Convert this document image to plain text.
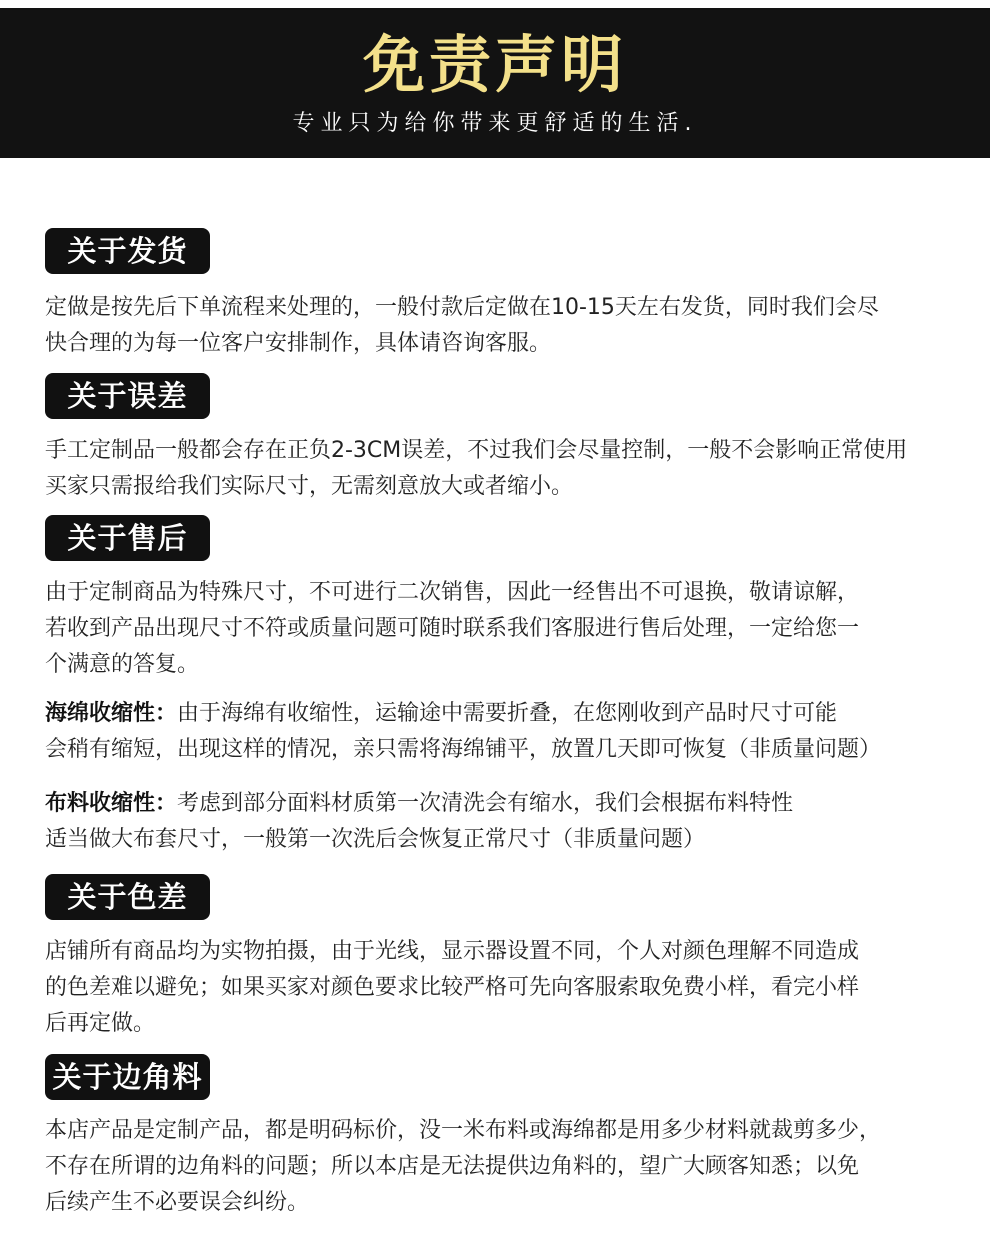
免责声明
专业只为给你带来更舒适的生活.
关于发货
定做是按先后下单流程来处理的，一般付款后定做在10-15天左右发货，同时我们会尽
快合理的为每一位客户安排制作，具体请咨询客服。
关于误差
手工定制品一般都会存在正负2-3CM误差，不过我们会尽量控制，一般不会影响正常使用
买家只需报给我们实际尺寸，无需刻意放大或者缩小。
关于售后
由于定制商品为特殊尺寸，不可进行二次销售，因此一经售出不可退换，敬请谅解，
若收到产品出现尺寸不符或质量问题可随时联系我们客服进行售后处理，一定给您一
个满意的答复。
海绵收缩性：由于海绵有收缩性，运输途中需要折叠，在您刚收到产品时尺寸可能
会稍有缩短，出现这样的情况，亲只需将海绵铺平，放置几天即可恢复（非质量问题）
布料收缩性：考虑到部分面料材质第一次清洗会有缩水，我们会根据布料特性
适当做大布套尺寸，一般第一次洗后会恢复正常尺寸（非质量问题）
关于色差
店铺所有商品均为实物拍摄，由于光线，显示器设置不同，个人对颜色理解不同造成
的色差难以避免；如果买家对颜色要求比较严格可先向客服索取免费小样，看完小样
后再定做。
关于边角料
本店产品是定制产品，都是明码标价，没一米布料或海绵都是用多少材料就裁剪多少，
不存在所谓的边角料的问题；所以本店是无法提供边角料的，望广大顾客知悉；以免
后续产生不必要误会纠纷。
